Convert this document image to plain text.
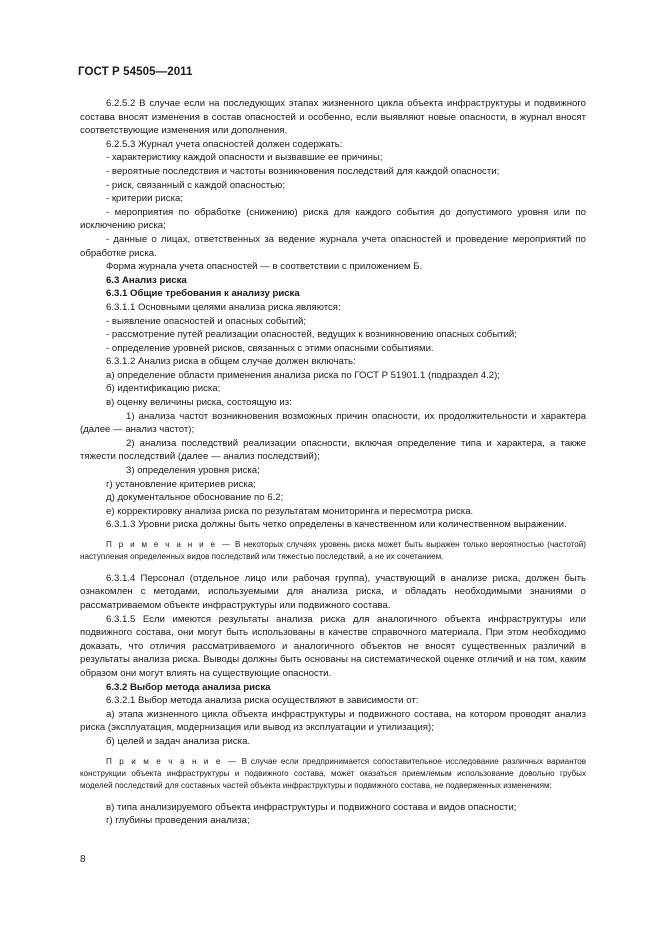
ГОСТ Р 54505—2011

6.2.5.2 В случае если на последующих этапах жизненного цикла объекта инфраструктуры и подвижного состава вносят изменения в состав опасностей и особенно, если выявляют новые опасности, в журнал вносят соответствующие изменения или дополнения.

6.2.5.3 Журнал учета опасностей должен содержать:

- характеристику каждой опасности и вызвавшие ее причины;

- вероятные последствия и частоты возникновения последствий для каждой опасности;

- риск, связанный с каждой опасностью;

- критерии риска;

- мероприятия по обработке (снижению) риска для каждого события до допустимого уровня или по исключению риска;

- данные о лицах, ответственных за ведение журнала учета опасностей и проведение мероприятий по обработке риска.

Форма журнала учета опасностей — в соответствии с приложением Б.

6.3 Анализ риска

6.3.1 Общие требования к анализу риска

6.3.1.1 Основными целями анализа риска являются:

- выявление опасностей и опасных событий;

- рассмотрение путей реализации опасностей, ведущих к возникновению опасных событий;

- определение уровней рисков, связанных с этими опасными событиями.

6.3.1.2 Анализ риска в общем случае должен включать:

а) определение области применения анализа риска по ГОСТ Р 51901.1 (подраздел 4.2);

б) идентификацию риска;

в) оценку величины риска, состоящую из:

1) анализа частот возникновения возможных причин опасности, их продолжительности и характера (далее — анализ частот);

2) анализа последствий реализации опасности, включая определение типа и характера, а также тяжести последствий (далее — анализ последствий);

3) определения уровня риска;

г) установление критериев риска;

д) документальное обоснование по 6.2;

е) корректировку анализа риска по результатам мониторинга и пересмотра риска.

6.3.1.3 Уровни риска должны быть четко определены в качественном или количественном выражении.

П р и м е ч а н и е — В некоторых случаях уровень риска может быть выражен только вероятностью (частотой) наступления определенных видов последствий или тяжестью последствий, а не их сочетанием.

6.3.1.4 Персонал (отдельное лицо или рабочая группа), участвующий в анализе риска, должен быть ознакомлен с методами, используемыми для анализа риска, и обладать необходимыми знаниями о рассматриваемом объекте инфраструктуры или подвижного состава.

6.3.1.5 Если имеются результаты анализа риска для аналогичного объекта инфраструктуры или подвижного состава, они могут быть использованы в качестве справочного материала. При этом необходимо доказать, что отличия рассматриваемого и аналогичного объектов не вносят существенных различий в результаты анализа риска. Выводы должны быть основаны на систематической оценке отличий и на том, каким образом они могут влиять на существующие опасности.

6.3.2 Выбор метода анализа риска

6.3.2.1 Выбор метода анализа риска осуществляют в зависимости от:

а) этапа жизненного цикла объекта инфраструктуры и подвижного состава, на котором проводят анализ риска (эксплуатация, модернизация или вывод из эксплуатации и утилизация);

б) целей и задач анализа риска.

П р и м е ч а н и е — В случае если предпринимается сопоставительное исследование различных вариантов конструкции объекта инфраструктуры и подвижного состава, может оказаться приемлемым использование довольно грубых моделей последствий для составных частей объекта инфраструктуры и подвижного состава, не подверженных изменениям;

в) типа анализируемого объекта инфраструктуры и подвижного состава и видов опасности;

г) глубины проведения анализа;

8
